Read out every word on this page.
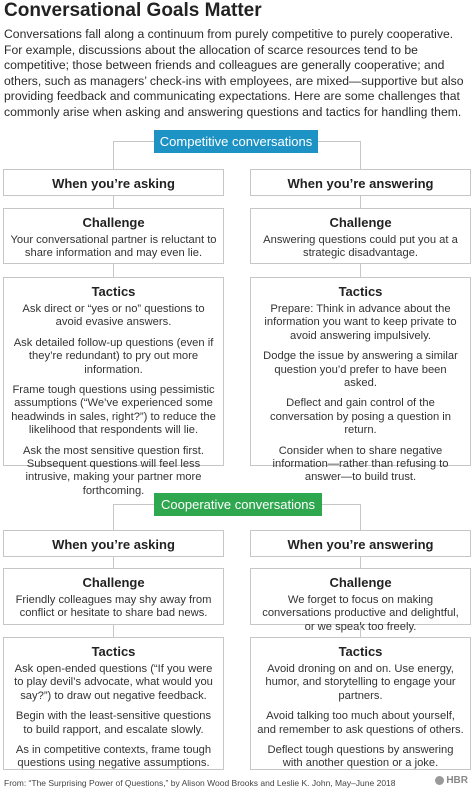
Conversational Goals Matter
Conversations fall along a continuum from purely competitive to purely cooperative. For example, discussions about the allocation of scarce resources tend to be competitive; those between friends and colleagues are generally cooperative; and others, such as managers’ check-ins with employees, are mixed—supportive but also providing feedback and communicating expectations. Here are some challenges that commonly arise when asking and answering questions and tactics for handling them.
Competitive conversations
When you’re asking
Challenge
Your conversational partner is reluctant to share information and may even lie.
Tactics
Ask direct or “yes or no” questions to avoid evasive answers.
Ask detailed follow-up questions (even if they’re redundant) to pry out more information.
Frame tough questions using pessimistic assumptions (“We’ve experienced some headwinds in sales, right?”) to reduce the likelihood that respondents will lie.
Ask the most sensitive question first. Subsequent questions will feel less intrusive, making your partner more forthcoming.
When you’re answering
Challenge
Answering questions could put you at a strategic disadvantage.
Tactics
Prepare: Think in advance about the information you want to keep private to avoid answering impulsively.
Dodge the issue by answering a similar question you’d prefer to have been asked.
Deflect and gain control of the conversation by posing a question in return.
Consider when to share negative information—rather than refusing to answer—to build trust.
Cooperative conversations
When you’re asking
Challenge
Friendly colleagues may shy away from conflict or hesitate to share bad news.
Tactics
Ask open-ended questions (“If you were to play devil’s advocate, what would you say?”) to draw out negative feedback.
Begin with the least-sensitive questions to build rapport, and escalate slowly.
As in competitive contexts, frame tough questions using negative assumptions.
When you’re answering
Challenge
We forget to focus on making conversations productive and delightful, or we speak too freely.
Tactics
Avoid droning on and on. Use energy, humor, and storytelling to engage your partners.
Avoid talking too much about yourself, and remember to ask questions of others.
Deflect tough questions by answering with another question or a joke.
From: “The Surprising Power of Questions,” by Alison Wood Brooks and Leslie K. John, May–June 2018	HBR
